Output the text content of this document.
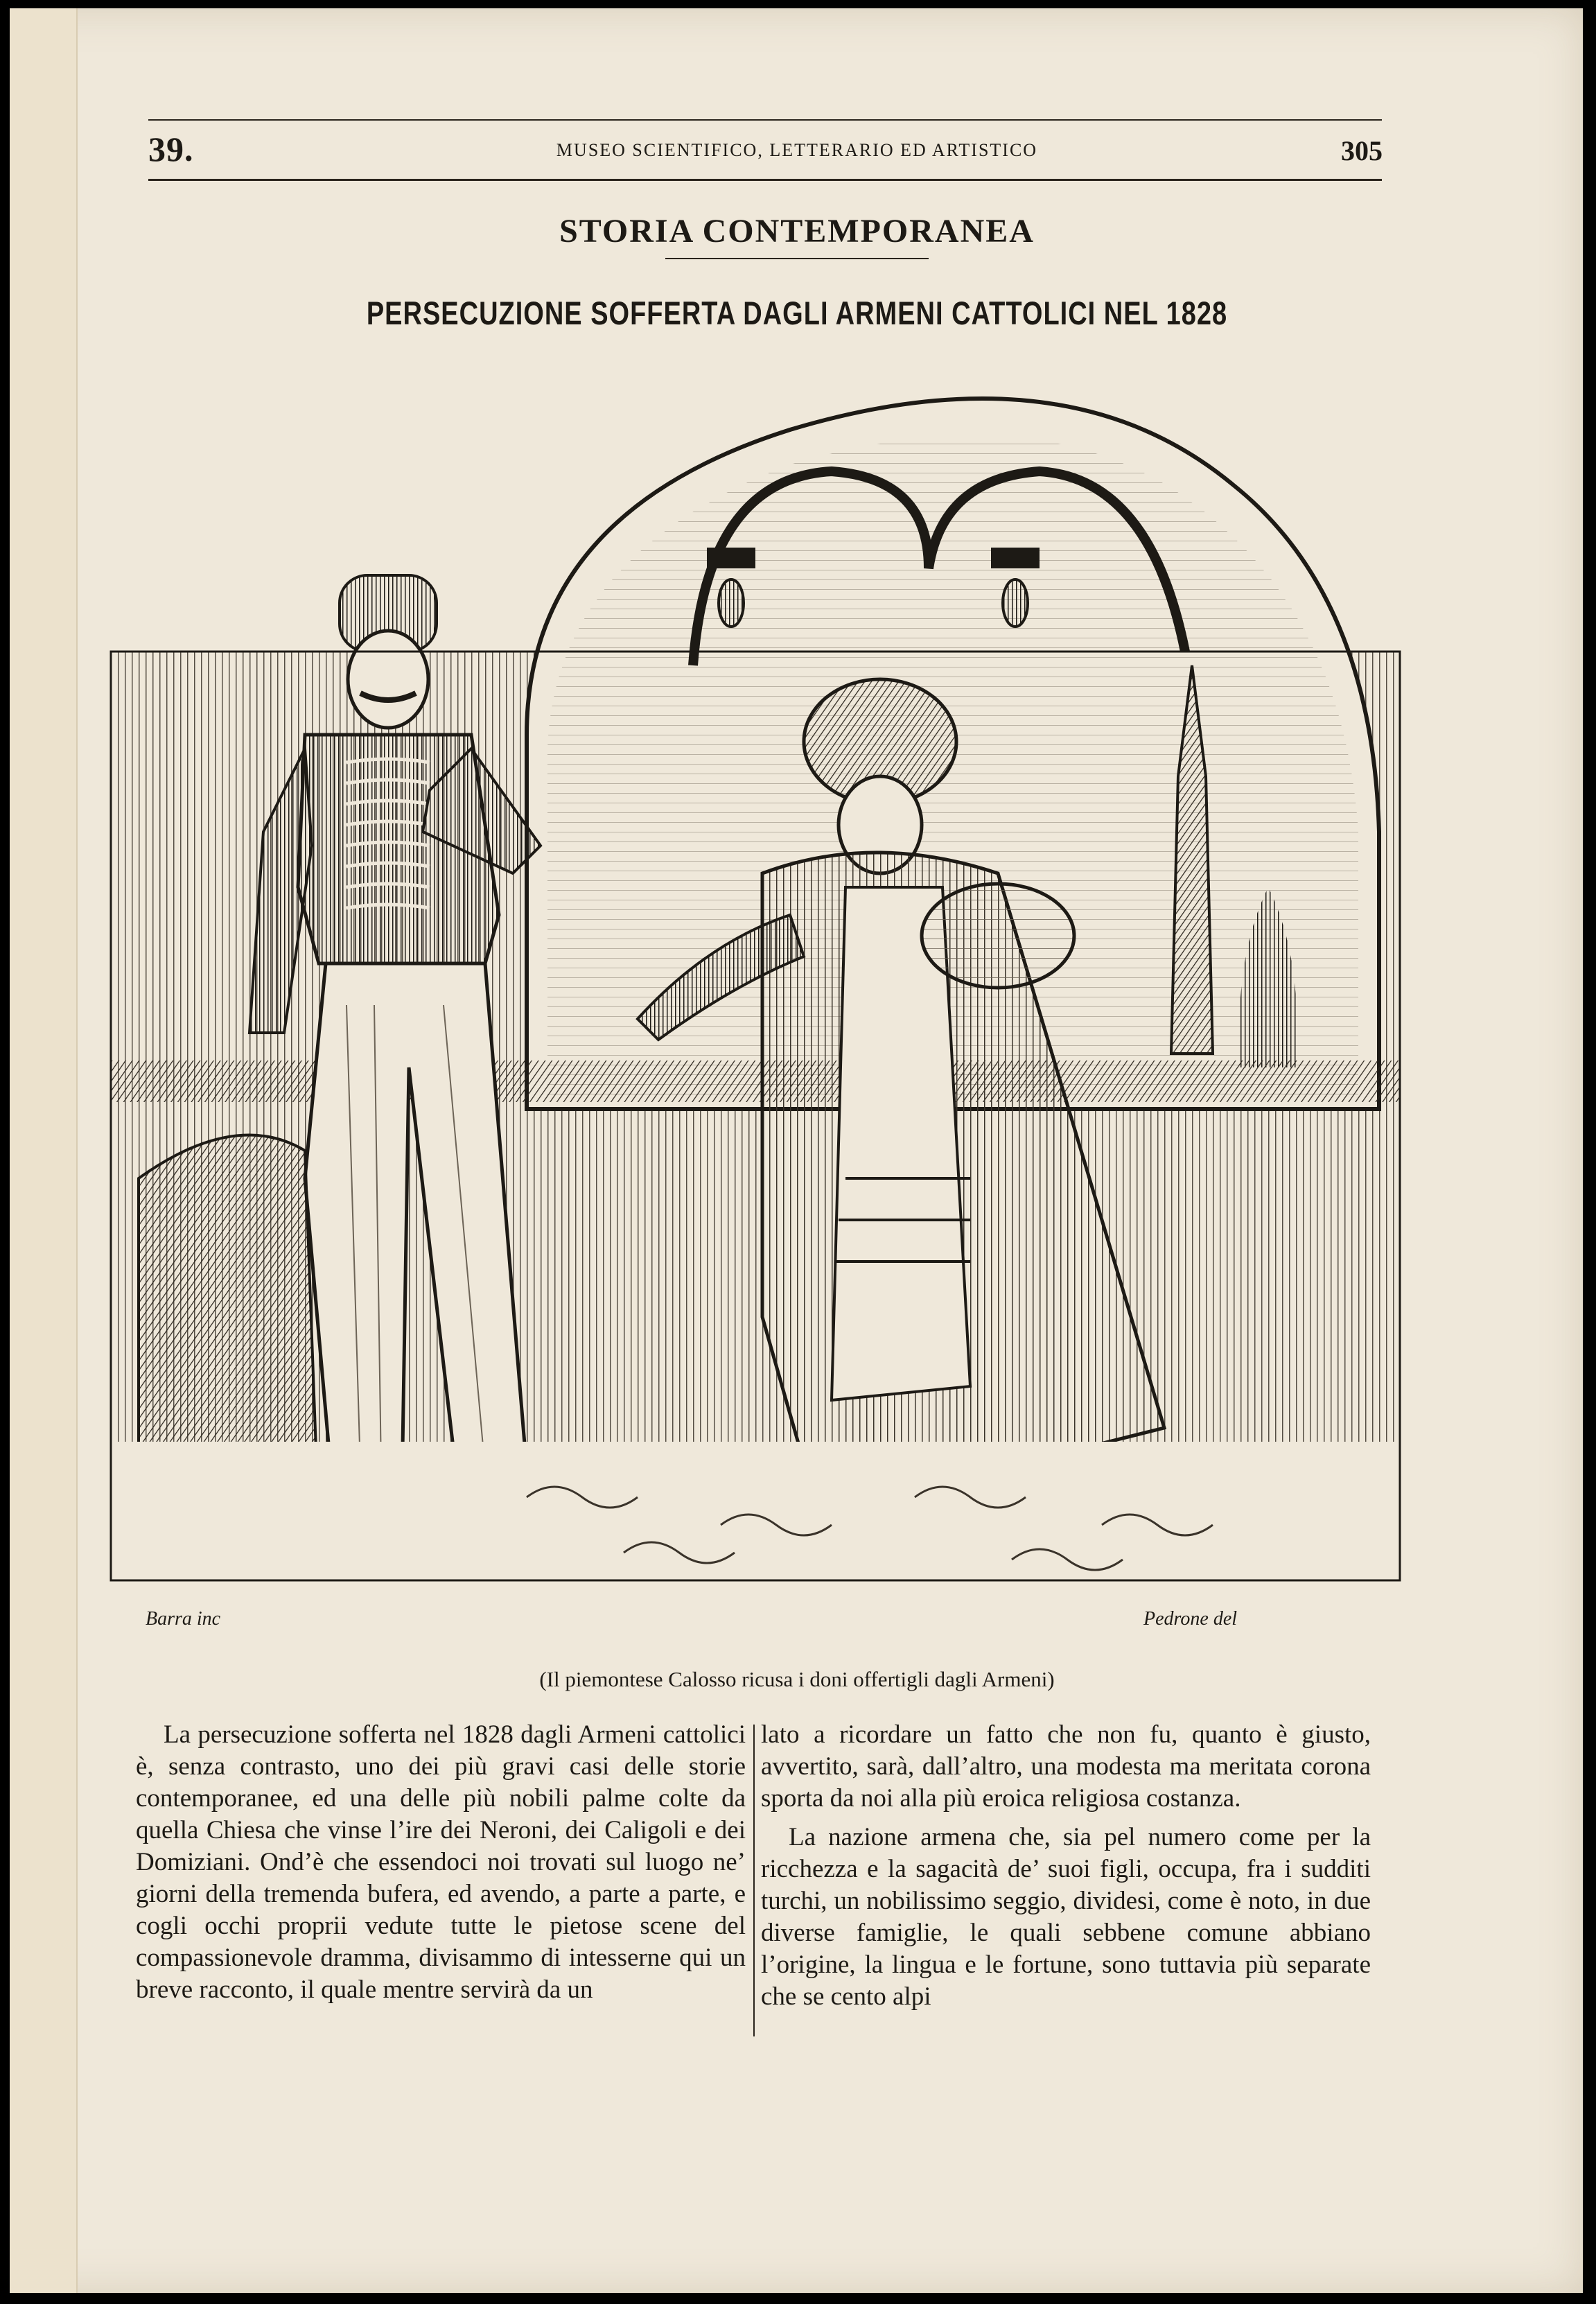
39.	MUSEO SCIENTIFICO, LETTERARIO ED ARTISTICO	305
STORIA CONTEMPORANEA
PERSECUZIONE SOFFERTA DAGLI ARMENI CATTOLICI NEL 1828
Barra inc	Pedrone del
(Il piemontese Calosso ricusa i doni offertigli dagli Armeni)

La persecuzione sofferta nel 1828 dagli Armeni cattolici è, senza contrasto, uno dei più gravi casi delle storie contemporanee, ed una delle più nobili palme colte da quella Chiesa che vinse l’ire dei Neroni, dei Caligoli e dei Domiziani. Ond’è che essendoci noi trovati sul luogo ne’ giorni della tremenda bufera, ed avendo, a parte a parte, e cogli occhi proprii vedute tutte le pietose scene del compassionevole dramma, divisammo di intesserne qui un breve racconto, il quale mentre servirà da un

lato a ricordare un fatto che non fu, quanto è giusto, avvertito, sarà, dall’altro, una modesta ma meritata corona sporta da noi alla più eroica religiosa costanza.

La nazione armena che, sia pel numero come per la ricchezza e la sagacità de’ suoi figli, occupa, fra i sudditi turchi, un nobilissimo seggio, dividesi, come è noto, in due diverse famiglie, le quali sebbene comune abbiano l’origine, la lingua e le fortune, sono tuttavia più separate che se cento alpi
